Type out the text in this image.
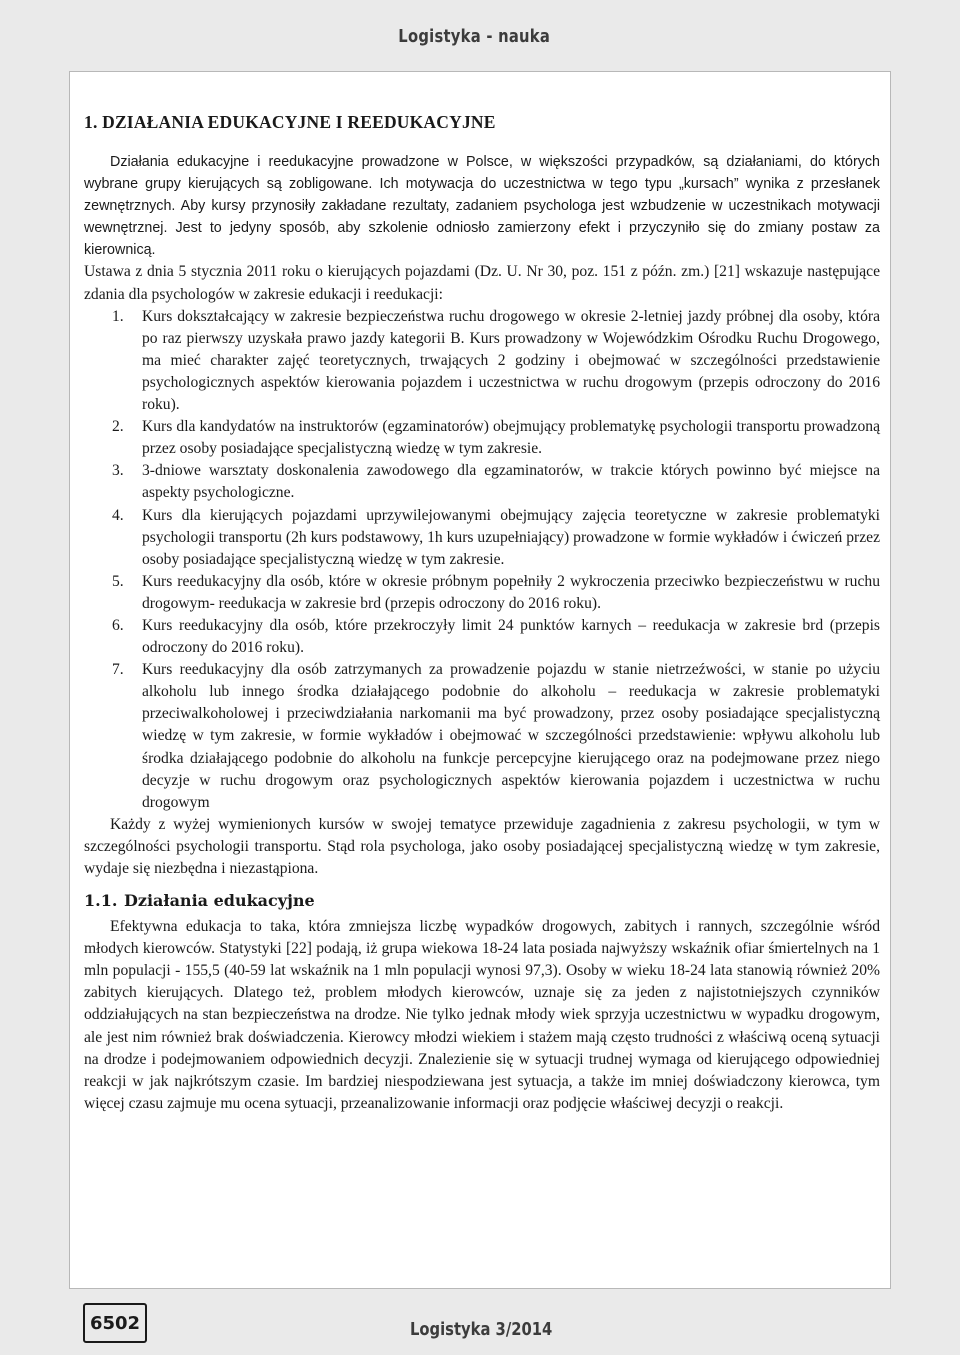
Logistyka - nauka
1. DZIAŁANIA EDUKACYJNE I REEDUKACYJNE

Działania edukacyjne i reedukacyjne prowadzone w Polsce, w większości przypadków, są działaniami, do których wybrane grupy kierujących są zobligowane. Ich motywacja do uczestnictwa w tego typu „kursach” wynika z przesłanek zewnętrznych. Aby kursy przynosiły zakładane rezultaty, zadaniem psychologa jest wzbudzenie w uczestnikach motywacji wewnętrznej. Jest to jedyny sposób, aby szkolenie odniosło zamierzony efekt i przyczyniło się do zmiany postaw za kierownicą.

Ustawa z dnia 5 stycznia 2011 roku o kierujących pojazdami (Dz. U. Nr 30, poz. 151 z późn. zm.) [21] wskazuje następujące zdania dla psychologów w zakresie edukacji i reedukacji:

1. Kurs dokształcający w zakresie bezpieczeństwa ruchu drogowego w okresie 2-letniej jazdy próbnej dla osoby, która po raz pierwszy uzyskała prawo jazdy kategorii B. Kurs prowadzony w Wojewódzkim Ośrodku Ruchu Drogowego, ma mieć charakter zajęć teoretycznych, trwających 2 godziny i obejmować w szczególności przedstawienie psychologicznych aspektów kierowania pojazdem i uczestnictwa w ruchu drogowym (przepis odroczony do 2016 roku).
2. Kurs dla kandydatów na instruktorów (egzaminatorów) obejmujący problematykę psychologii transportu prowadzoną przez osoby posiadające specjalistyczną wiedzę w tym zakresie.
3. 3-dniowe warsztaty doskonalenia zawodowego dla egzaminatorów, w trakcie których powinno być miejsce na aspekty psychologiczne.
4. Kurs dla kierujących pojazdami uprzywilejowanymi obejmujący zajęcia teoretyczne w zakresie problematyki psychologii transportu (2h kurs podstawowy, 1h kurs uzupełniający) prowadzone w formie wykładów i ćwiczeń przez osoby posiadające specjalistyczną wiedzę w tym zakresie.
5. Kurs reedukacyjny dla osób, które w okresie próbnym popełniły 2 wykroczenia przeciwko bezpieczeństwu w ruchu drogowym- reedukacja w zakresie brd (przepis odroczony do 2016 roku).
6. Kurs reedukacyjny dla osób, które przekroczyły limit 24 punktów karnych – reedukacja w zakresie brd (przepis odroczony do 2016 roku).
7. Kurs reedukacyjny dla osób zatrzymanych za prowadzenie pojazdu w stanie nietrzeźwości, w stanie po użyciu alkoholu lub innego środka działającego podobnie do alkoholu – reedukacja w zakresie problematyki przeciwalkoholowej i przeciwdziałania narkomanii ma być prowadzony, przez osoby posiadające specjalistyczną wiedzę w tym zakresie, w formie wykładów i obejmować w szczególności przedstawienie: wpływu alkoholu lub środka działającego podobnie do alkoholu na funkcje percepcyjne kierującego oraz na podejmowane przez niego decyzje w ruchu drogowym oraz psychologicznych aspektów kierowania pojazdem i uczestnictwa w ruchu drogowym

Każdy z wyżej wymienionych kursów w swojej tematyce przewiduje zagadnienia z zakresu psychologii, w tym w szczególności psychologii transportu. Stąd rola psychologa, jako osoby posiadającej specjalistyczną wiedzę w tym zakresie, wydaje się niezbędna i niezastąpiona.

1.1. Działania edukacyjne

Efektywna edukacja to taka, która zmniejsza liczbę wypadków drogowych, zabitych i rannych, szczególnie wśród młodych kierowców. Statystyki [22] podają, iż grupa wiekowa 18-24 lata posiada najwyższy wskaźnik ofiar śmiertelnych na 1 mln populacji - 155,5 (40-59 lat wskaźnik na 1 mln populacji wynosi 97,3). Osoby w wieku 18-24 lata stanowią również 20% zabitych kierujących. Dlatego też, problem młodych kierowców, uznaje się za jeden z najistotniejszych czynników oddziałujących na stan bezpieczeństwa na drodze. Nie tylko jednak młody wiek sprzyja uczestnictwu w wypadku drogowym, ale jest nim również brak doświadczenia. Kierowcy młodzi wiekiem i stażem mają często trudności z właściwą oceną sytuacji na drodze i podejmowaniem odpowiednich decyzji. Znalezienie się w sytuacji trudnej wymaga od kierującego odpowiedniej reakcji w jak najkrótszym czasie. Im bardziej niespodziewana jest sytuacja, a także im mniej doświadczony kierowca, tym więcej czasu zajmuje mu ocena sytuacji, przeanalizowanie informacji oraz podjęcie właściwej decyzji o reakcji.

6502	Logistyka 3/2014
